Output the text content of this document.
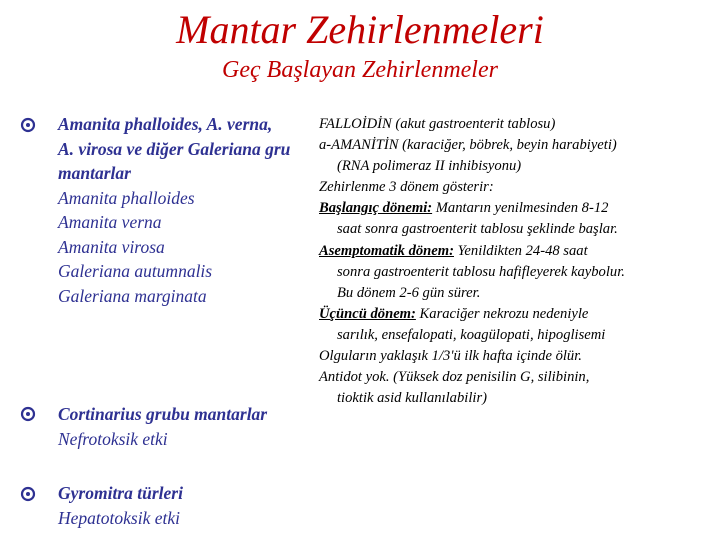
Mantar Zehirlenmeleri
Geç Başlayan Zehirlenmeler
Amanita phalloides, A. verna,
A. virosa ve diğer Galeriana gru
mantarlar
Amanita phalloides
Amanita verna
Amanita virosa
Galeriana autumnalis
Galeriana marginata

FALLOİDİN (akut gastroenterit tablosu)

a-AMANİTİN (karaciğer, böbrek, beyin harabiyeti)

(RNA polimeraz II inhibisyonu)

Zehirlenme 3 dönem gösterir:

Başlangıç dönemi: Mantarın yenilmesinden 8-12

saat sonra gastroenterit tablosu şeklinde başlar.

Asemptomatik dönem: Yenildikten 24-48 saat

sonra gastroenterit tablosu hafifleyerek kaybolur.

Bu dönem 2-6 gün sürer.

Üçüncü dönem: Karaciğer nekrozu nedeniyle

sarılık, ensefalopati, koagülopati, hipoglisemi

Olguların yaklaşık 1/3'ü ilk hafta içinde ölür.

Antidot yok. (Yüksek doz penisilin G, silibinin,

tioktik asid kullanılabilir)

Cortinarius grubu mantarlar
Nefrotoksik etki
Gyromitra türleri
Hepatotoksik etki
